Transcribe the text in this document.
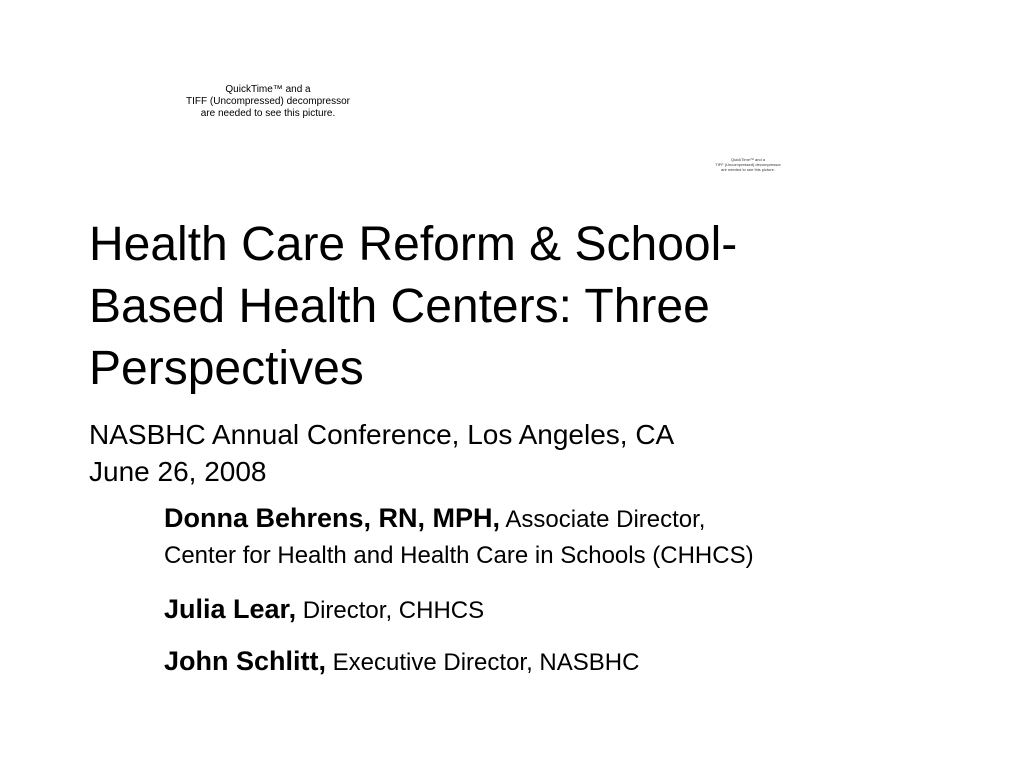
QuickTime™ and a
TIFF (Uncompressed) decompressor
are needed to see this picture.
QuickTime™ and a
TIFF (Uncompressed) decompressor
are needed to see this picture.
Health Care Reform & School-
Based Health Centers: Three
Perspectives
NASBHC Annual Conference, Los Angeles, CA
June 26, 2008
Donna Behrens, RN, MPH, Associate Director,
Center for Health and Health Care in Schools (CHHCS)
Julia Lear, Director, CHHCS
John Schlitt, Executive Director, NASBHC
